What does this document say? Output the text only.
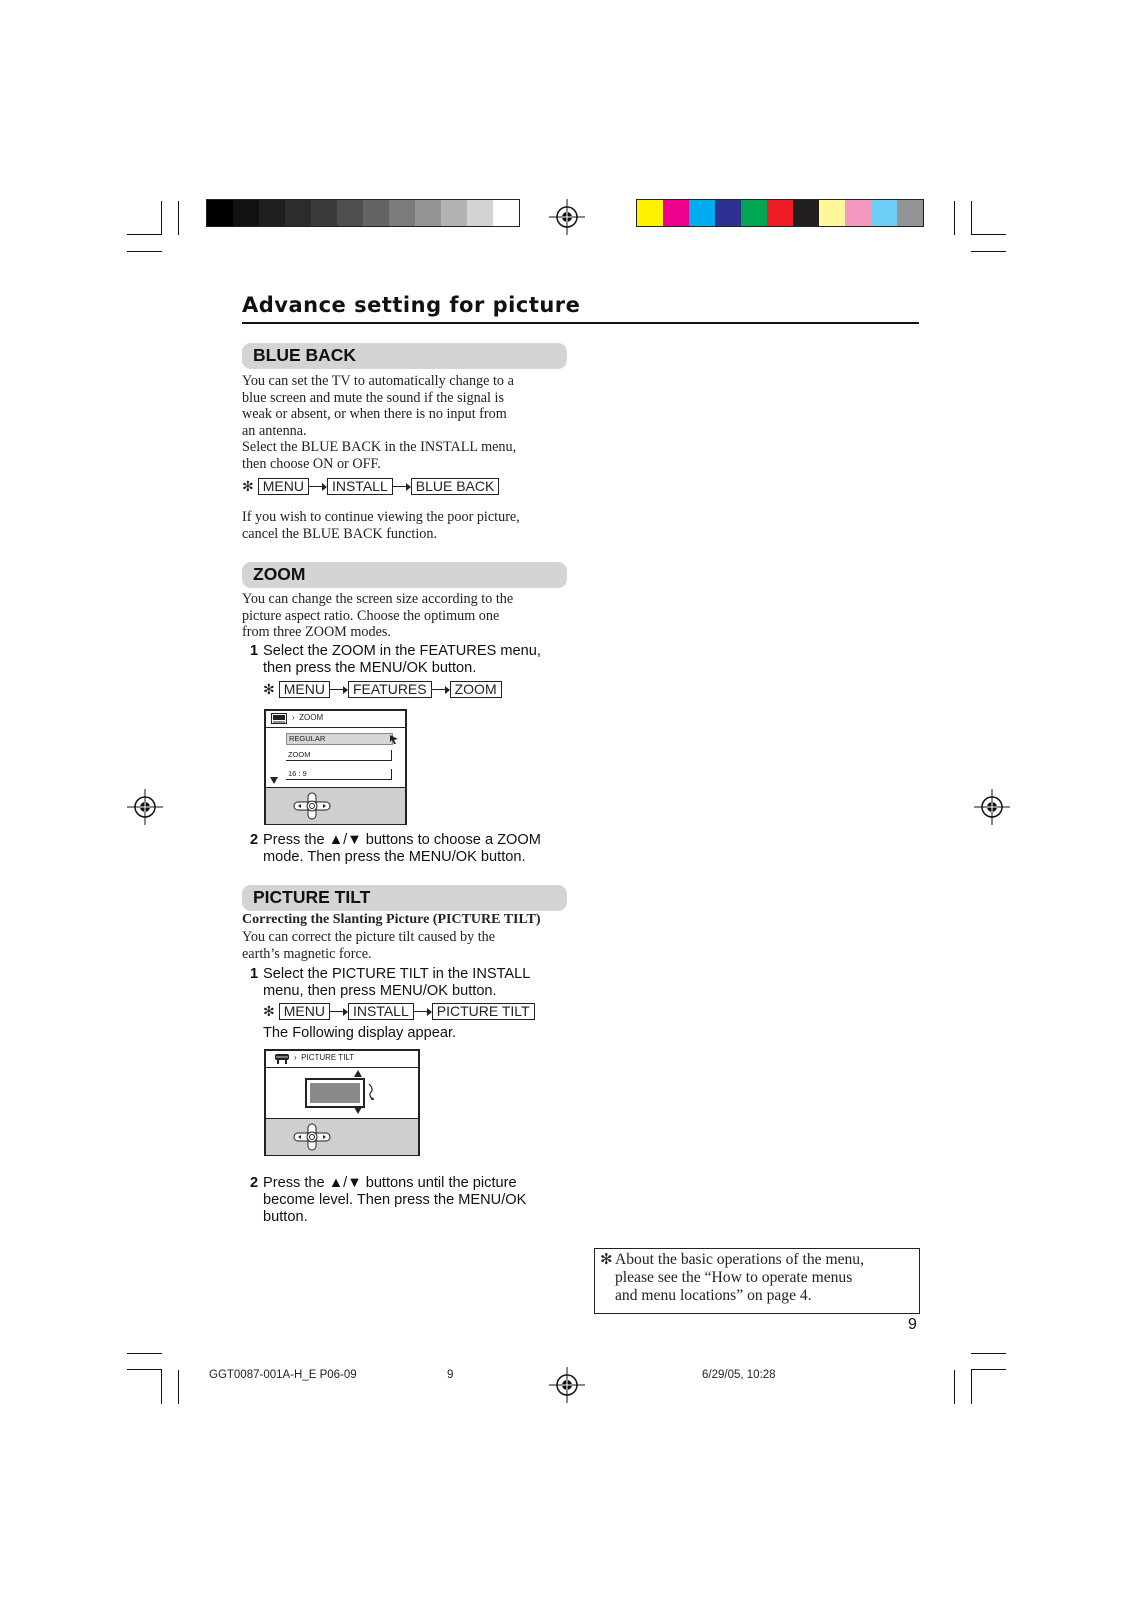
Advance setting for picture
BLUE BACK
You can set the TV to automatically change to a
blue screen and mute the sound if the signal is
weak or absent, or when there is no input from
an antenna.
Select the BLUE BACK in the INSTALL menu,
then choose ON or OFF.
✻ MENU	INSTALL	BLUE BACK
If you wish to continue viewing the poor picture,
cancel the BLUE BACK function.
ZOOM
You can change the screen size according to the
picture aspect ratio. Choose the optimum one
from three ZOOM modes.
1 Select the ZOOM in the FEATURES menu,
then press the MENU/OK button.
✻ MENU	FEATURES	ZOOM
›  ZOOM
REGULAR
ZOOM
16 : 9
2 Press the ▲/▼ buttons to choose a ZOOM
mode. Then press the MENU/OK button.
PICTURE TILT
Correcting the Slanting Picture (PICTURE TILT)
You can correct the picture tilt caused by the
earth’s magnetic force.
1 Select the PICTURE TILT in the INSTALL
menu, then press MENU/OK button.
✻ MENU	INSTALL	PICTURE TILT
The Following display appear.
›  PICTURE TILT
2 Press the ▲/▼ buttons until the picture
become level. Then press the MENU/OK
button.
✻ About the basic operations of the menu,
please see the “How to operate menus
and menu locations” on page 4.
9
GGT0087-001A-H_E P06-09	9	6/29/05, 10:28
